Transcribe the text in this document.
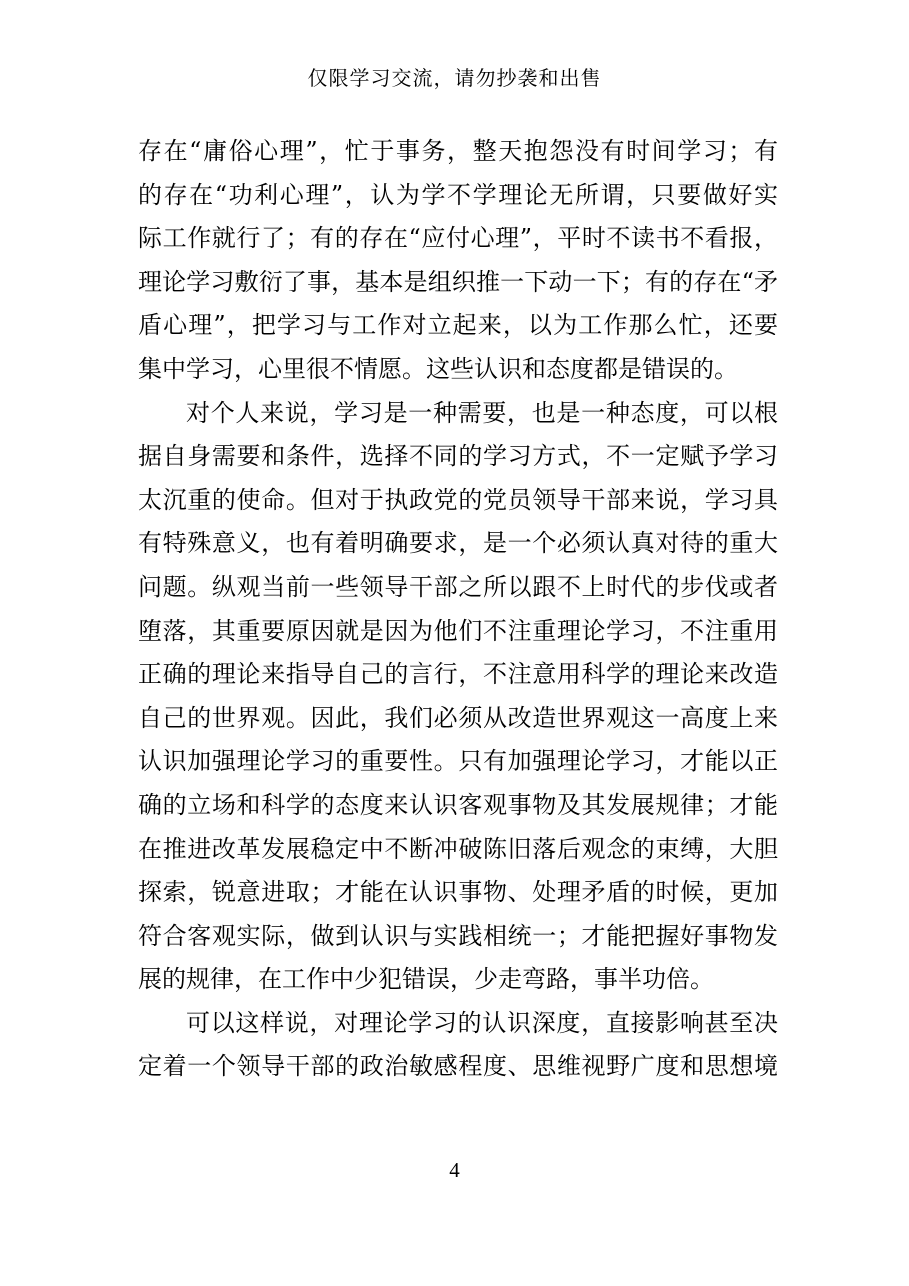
仅限学习交流，请勿抄袭和出售
存在“庸俗心理”，忙于事务，整天抱怨没有时间学习；有
的存在“功利心理”，认为学不学理论无所谓，只要做好实
际工作就行了；有的存在“应付心理”，平时不读书不看报，
理论学习敷衍了事，基本是组织推一下动一下；有的存在“矛
盾心理”，把学习与工作对立起来，以为工作那么忙，还要
集中学习，心里很不情愿。这些认识和态度都是错误的。
对个人来说，学习是一种需要，也是一种态度，可以根
据自身需要和条件，选择不同的学习方式，不一定赋予学习
太沉重的使命。但对于执政党的党员领导干部来说，学习具
有特殊意义，也有着明确要求，是一个必须认真对待的重大
问题。纵观当前一些领导干部之所以跟不上时代的步伐或者
堕落，其重要原因就是因为他们不注重理论学习，不注重用
正确的理论来指导自己的言行，不注意用科学的理论来改造
自己的世界观。因此，我们必须从改造世界观这一高度上来
认识加强理论学习的重要性。只有加强理论学习，才能以正
确的立场和科学的态度来认识客观事物及其发展规律；才能
在推进改革发展稳定中不断冲破陈旧落后观念的束缚，大胆
探索，锐意进取；才能在认识事物、处理矛盾的时候，更加
符合客观实际，做到认识与实践相统一；才能把握好事物发
展的规律，在工作中少犯错误，少走弯路，事半功倍。
可以这样说，对理论学习的认识深度，直接影响甚至决
定着一个领导干部的政治敏感程度、思维视野广度和思想境
4
